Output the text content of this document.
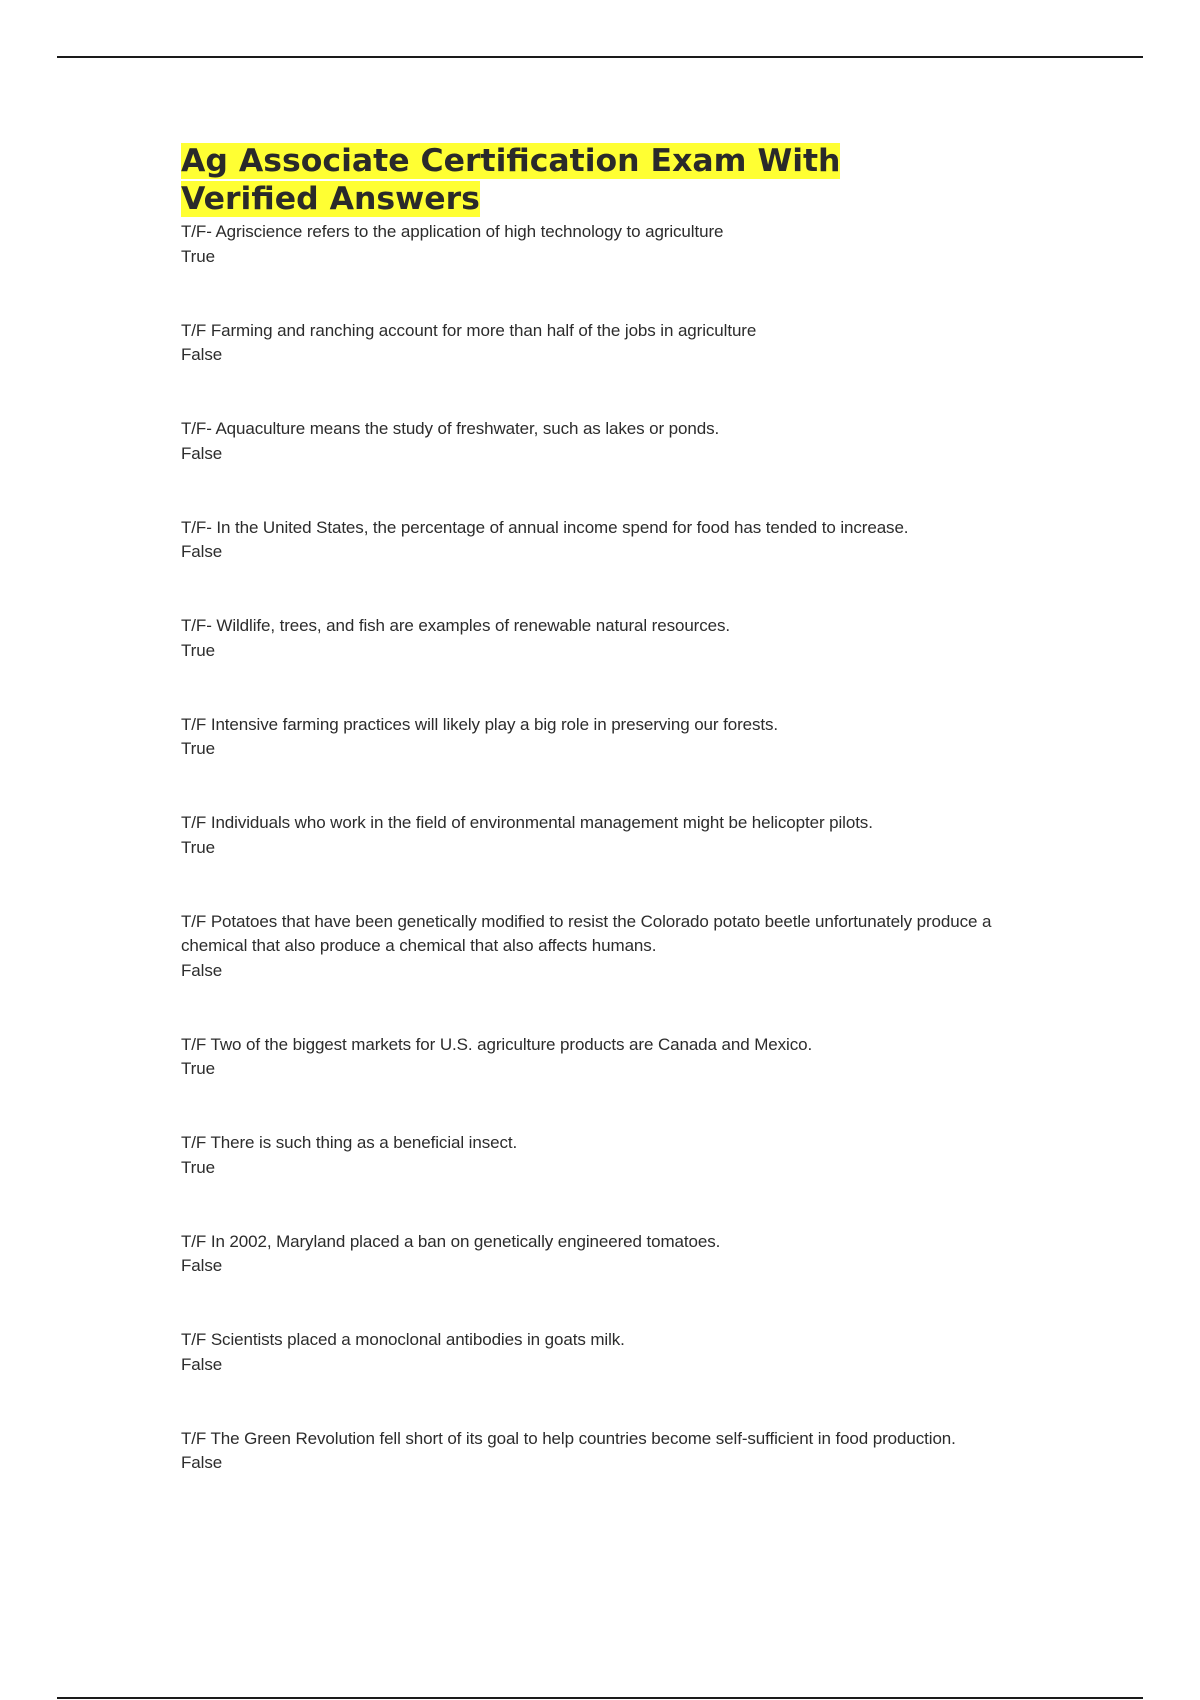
Ag Associate Certification Exam With
Verified Answers
T/F- Agriscience refers to the application of high technology to agriculture
True
T/F Farming and ranching account for more than half of the jobs in agriculture
False
T/F- Aquaculture means the study of freshwater, such as lakes or ponds.
False
T/F- In the United States, the percentage of annual income spend for food has tended to increase.
False
T/F- Wildlife, trees, and fish are examples of renewable natural resources.
True
T/F Intensive farming practices will likely play a big role in preserving our forests.
True
T/F Individuals who work in the field of environmental management might be helicopter pilots.
True
T/F Potatoes that have been genetically modified to resist the Colorado potato beetle unfortunately produce a chemical that also produce a chemical that also affects humans.
False
T/F Two of the biggest markets for U.S. agriculture products are Canada and Mexico.
True
T/F There is such thing as a beneficial insect.
True
T/F In 2002, Maryland placed a ban on genetically engineered tomatoes.
False
T/F Scientists placed a monoclonal antibodies in goats milk.
False
T/F The Green Revolution fell short of its goal to help countries become self-sufficient in food production.
False
